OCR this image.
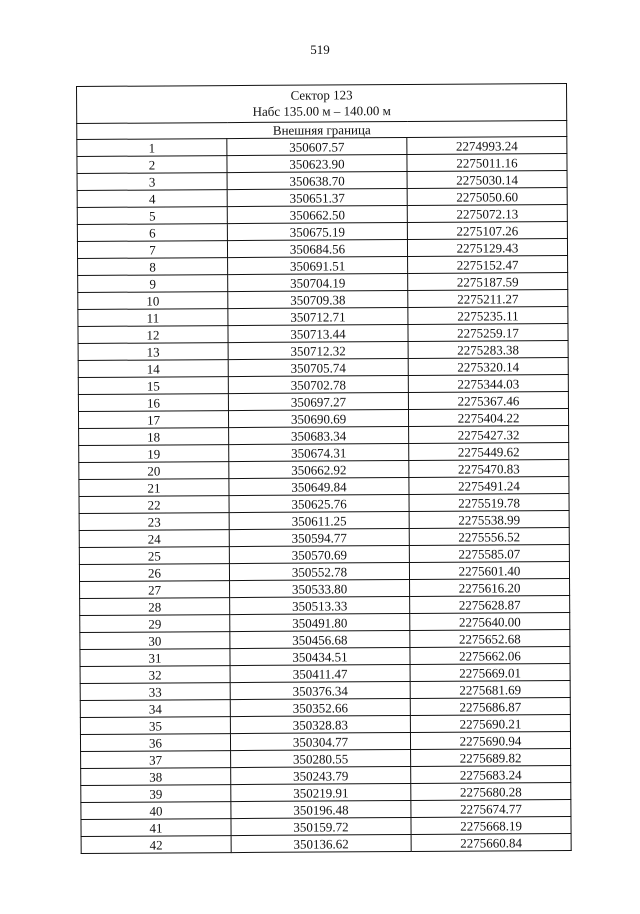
519
Сектор 123
Набс 135.00 м – 140.00 м		

Внешняя граница		
1	350607.57	2274993.24
2	350623.90	2275011.16
3	350638.70	2275030.14
4	350651.37	2275050.60
5	350662.50	2275072.13
6	350675.19	2275107.26
7	350684.56	2275129.43
8	350691.51	2275152.47
9	350704.19	2275187.59
10	350709.38	2275211.27
11	350712.71	2275235.11
12	350713.44	2275259.17
13	350712.32	2275283.38
14	350705.74	2275320.14
15	350702.78	2275344.03
16	350697.27	2275367.46
17	350690.69	2275404.22
18	350683.34	2275427.32
19	350674.31	2275449.62
20	350662.92	2275470.83
21	350649.84	2275491.24
22	350625.76	2275519.78
23	350611.25	2275538.99
24	350594.77	2275556.52
25	350570.69	2275585.07
26	350552.78	2275601.40
27	350533.80	2275616.20
28	350513.33	2275628.87
29	350491.80	2275640.00
30	350456.68	2275652.68
31	350434.51	2275662.06
32	350411.47	2275669.01
33	350376.34	2275681.69
34	350352.66	2275686.87
35	350328.83	2275690.21
36	350304.77	2275690.94
37	350280.55	2275689.82
38	350243.79	2275683.24
39	350219.91	2275680.28
40	350196.48	2275674.77
41	350159.72	2275668.19
42	350136.62	2275660.84
